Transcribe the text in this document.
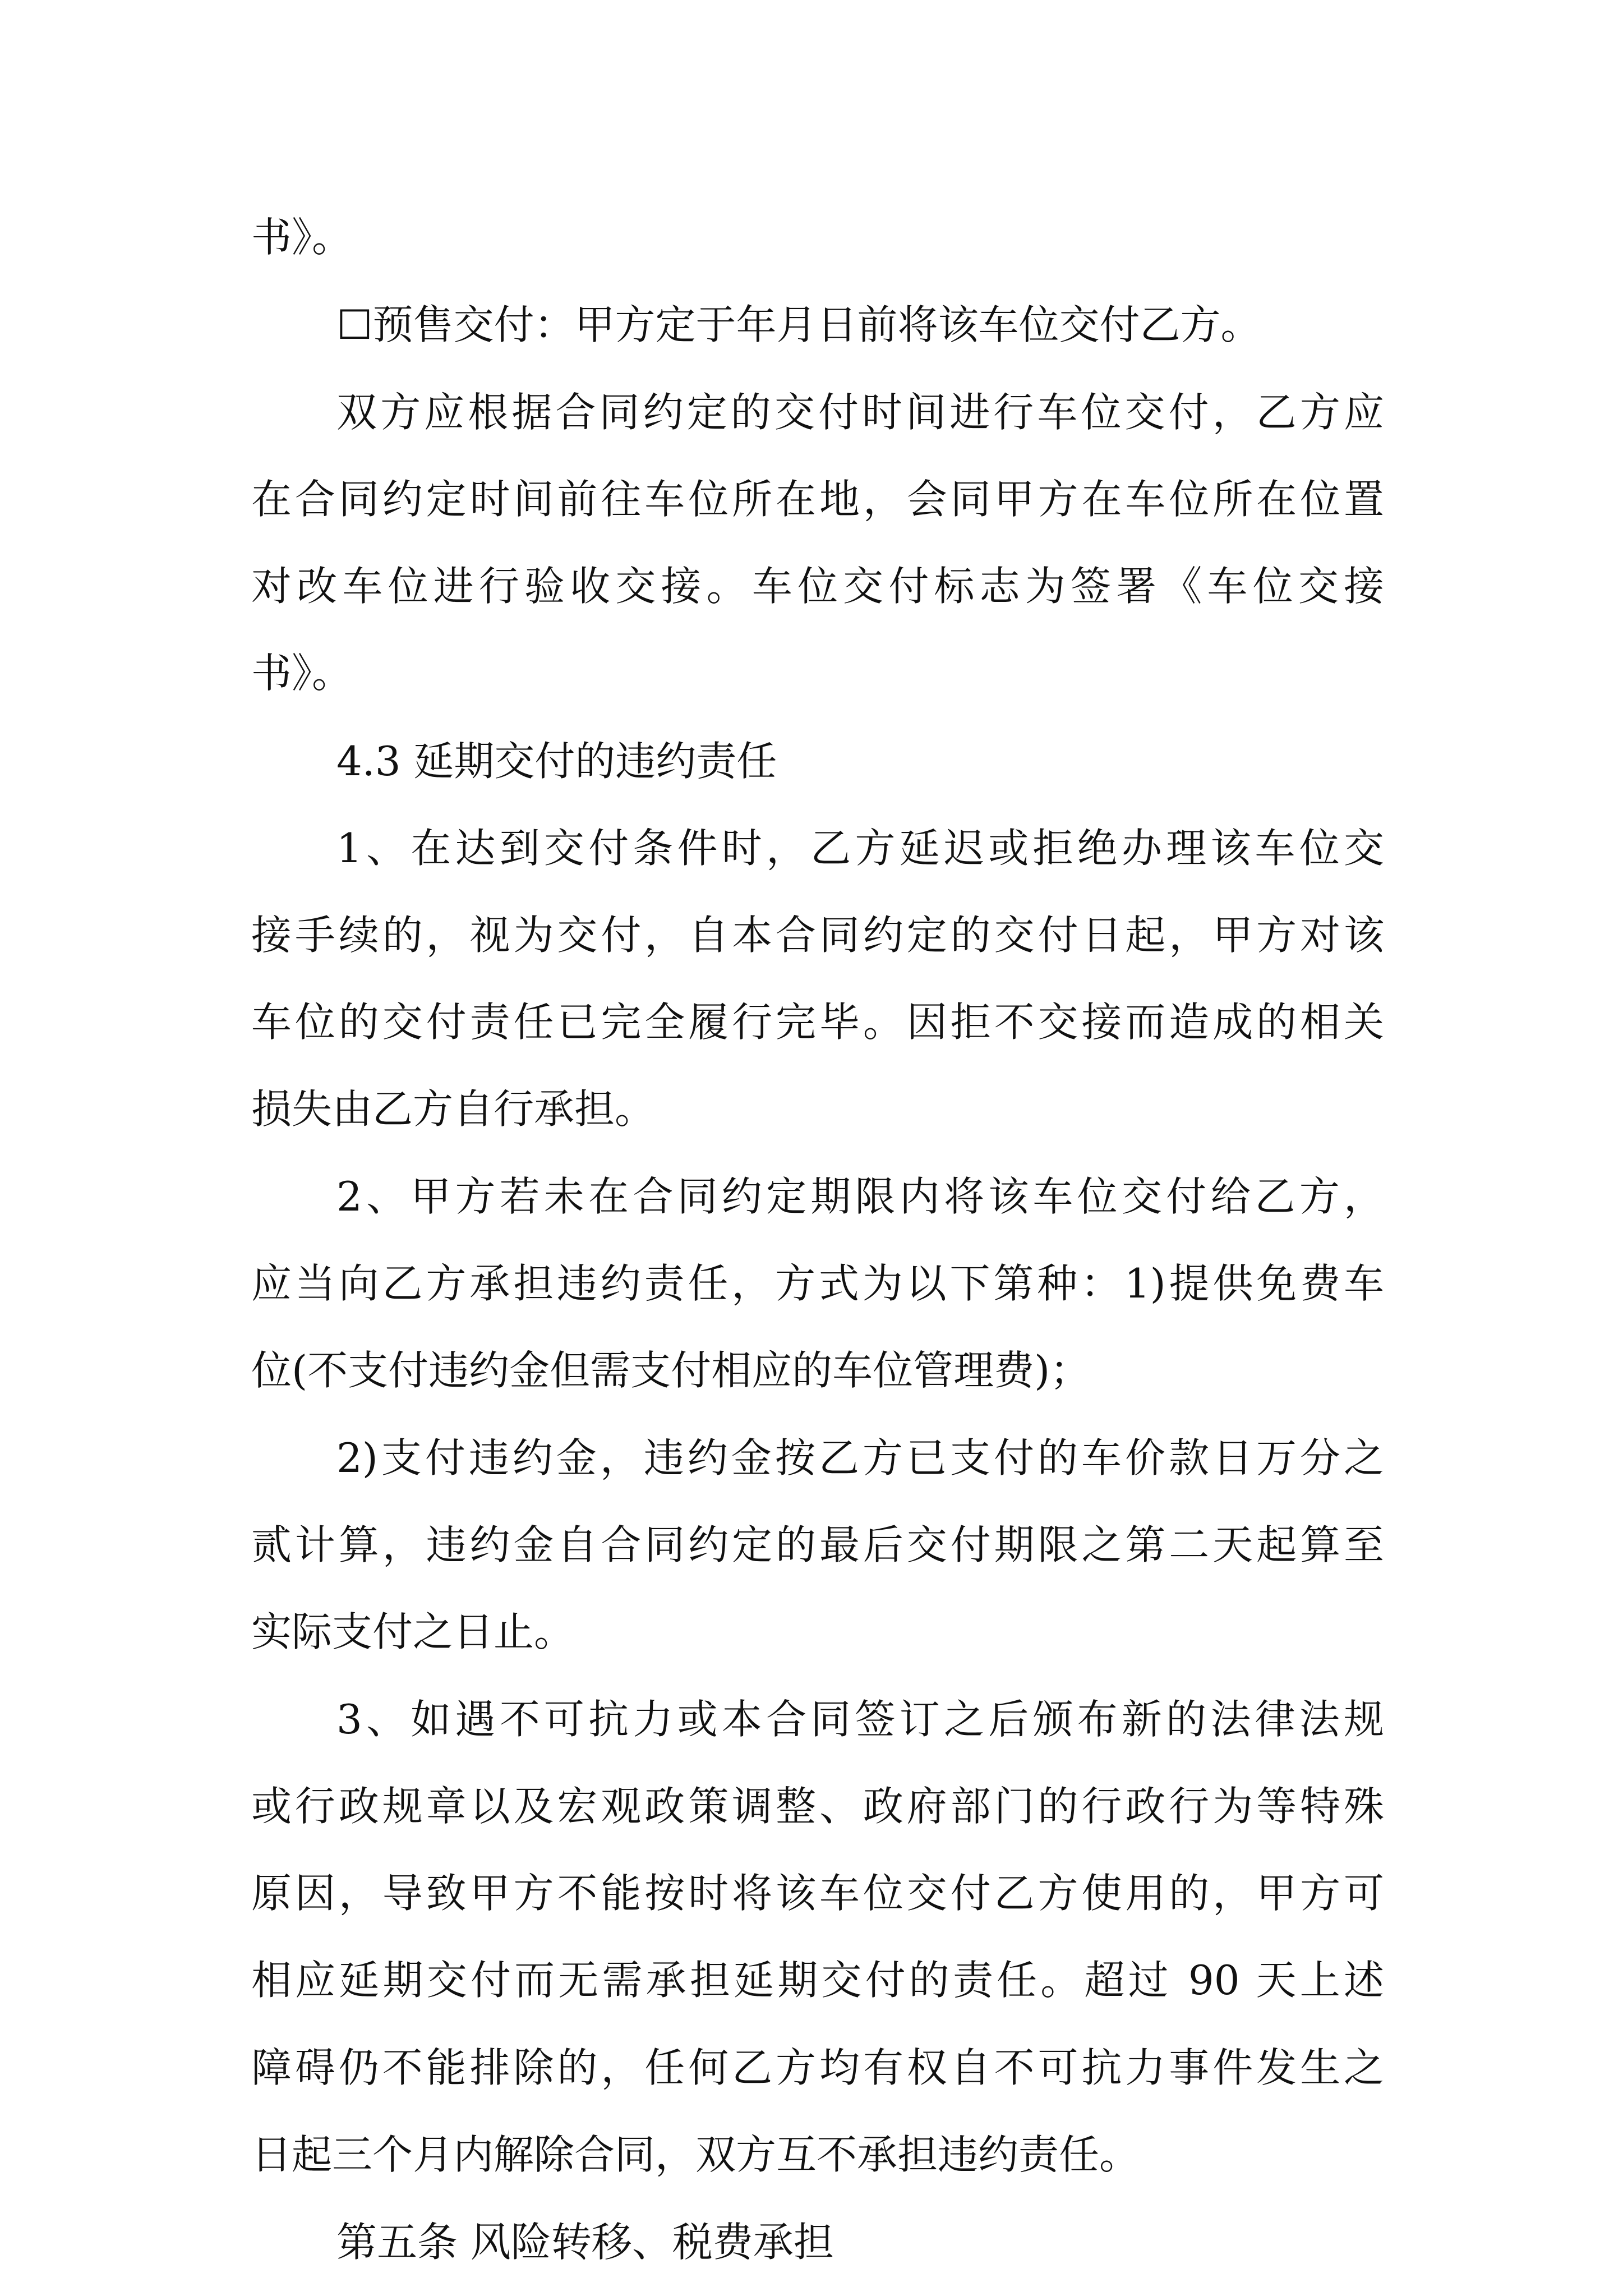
书》。
☐预售交付：甲方定于年月日前将该车位交付乙方。
双方应根据合同约定的交付时间进行车位交付，乙方应
在合同约定时间前往车位所在地，会同甲方在车位所在位置
对改车位进行验收交接。车位交付标志为签署《车位交接
书》。
4.3 延期交付的违约责任
1、在达到交付条件时，乙方延迟或拒绝办理该车位交
接手续的，视为交付，自本合同约定的交付日起，甲方对该
车位的交付责任已完全履行完毕。因拒不交接而造成的相关
损失由乙方自行承担。
2、甲方若未在合同约定期限内将该车位交付给乙方，
应当向乙方承担违约责任，方式为以下第种：1)提供免费车
位(不支付违约金但需支付相应的车位管理费)；
2)支付违约金，违约金按乙方已支付的车价款日万分之
贰计算，违约金自合同约定的最后交付期限之第二天起算至
实际支付之日止。
3、如遇不可抗力或本合同签订之后颁布新的法律法规
或行政规章以及宏观政策调整、政府部门的行政行为等特殊
原因，导致甲方不能按时将该车位交付乙方使用的，甲方可
相应延期交付而无需承担延期交付的责任。超过 90 天上述
障碍仍不能排除的，任何乙方均有权自不可抗力事件发生之
日起三个月内解除合同，双方互不承担违约责任。
第五条 风险转移、税费承担
